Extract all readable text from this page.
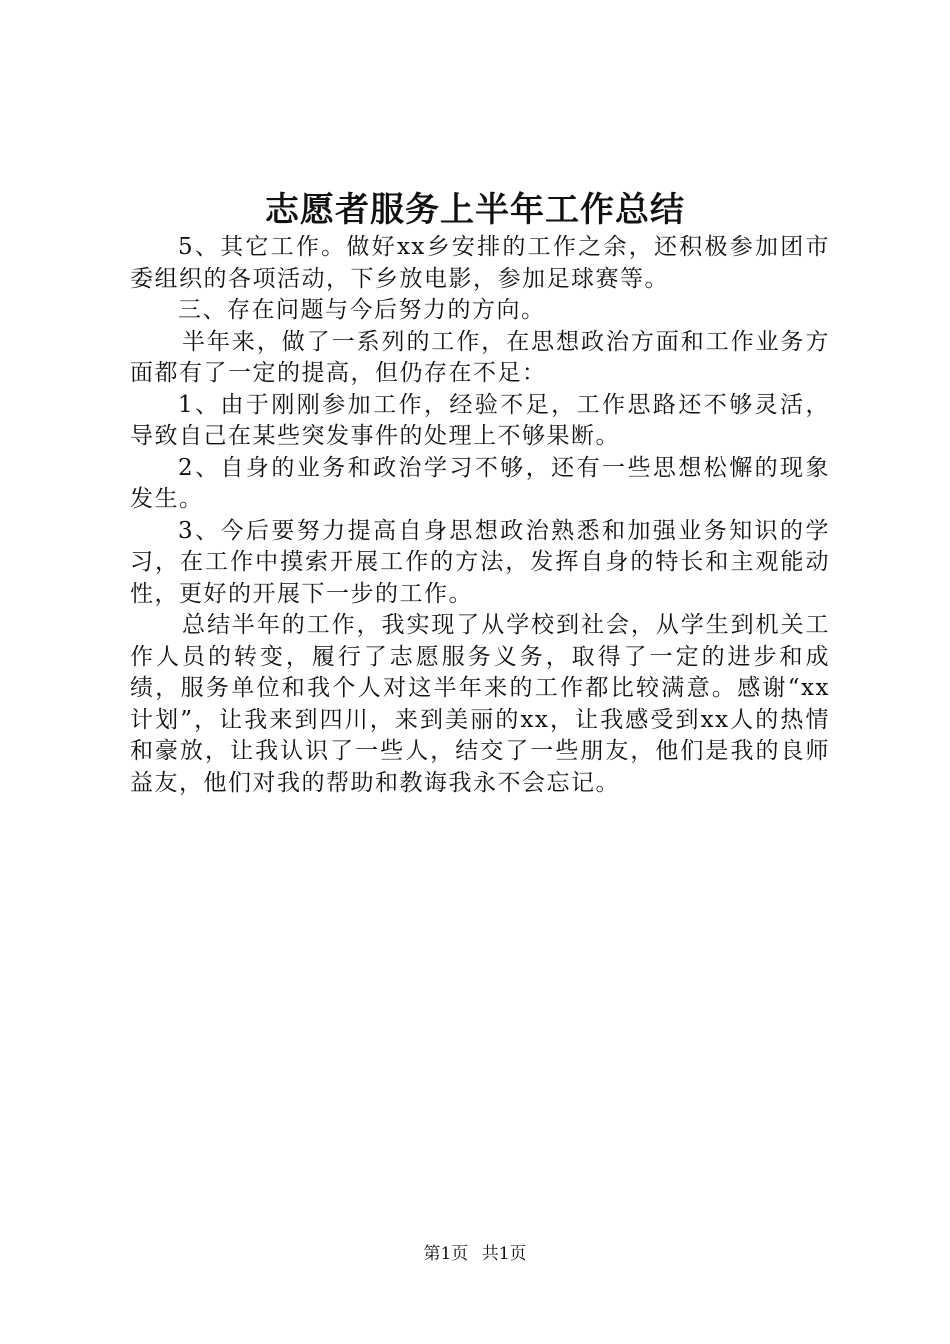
志愿者服务上半年工作总结

5、其它工作。做好xx乡安排的工作之余，还积极参加团市委组织的各项活动，下乡放电影，参加足球赛等。

三、存在问题与今后努力的方向。

半年来，做了一系列的工作，在思想政治方面和工作业务方面都有了一定的提高，但仍存在不足：

1、由于刚刚参加工作，经验不足，工作思路还不够灵活，导致自己在某些突发事件的处理上不够果断。

2、自身的业务和政治学习不够，还有一些思想松懈的现象发生。

3、今后要努力提高自身思想政治熟悉和加强业务知识的学习，在工作中摸索开展工作的方法，发挥自身的特长和主观能动性，更好的开展下一步的工作。

总结半年的工作，我实现了从学校到社会，从学生到机关工作人员的转变，履行了志愿服务义务，取得了一定的进步和成绩，服务单位和我个人对这半年来的工作都比较满意。感谢“xx计划”，让我来到四川，来到美丽的xx，让我感受到xx人的热情和豪放，让我认识了一些人，结交了一些朋友，他们是我的良师益友，他们对我的帮助和教诲我永不会忘记。

第1页 共1页
